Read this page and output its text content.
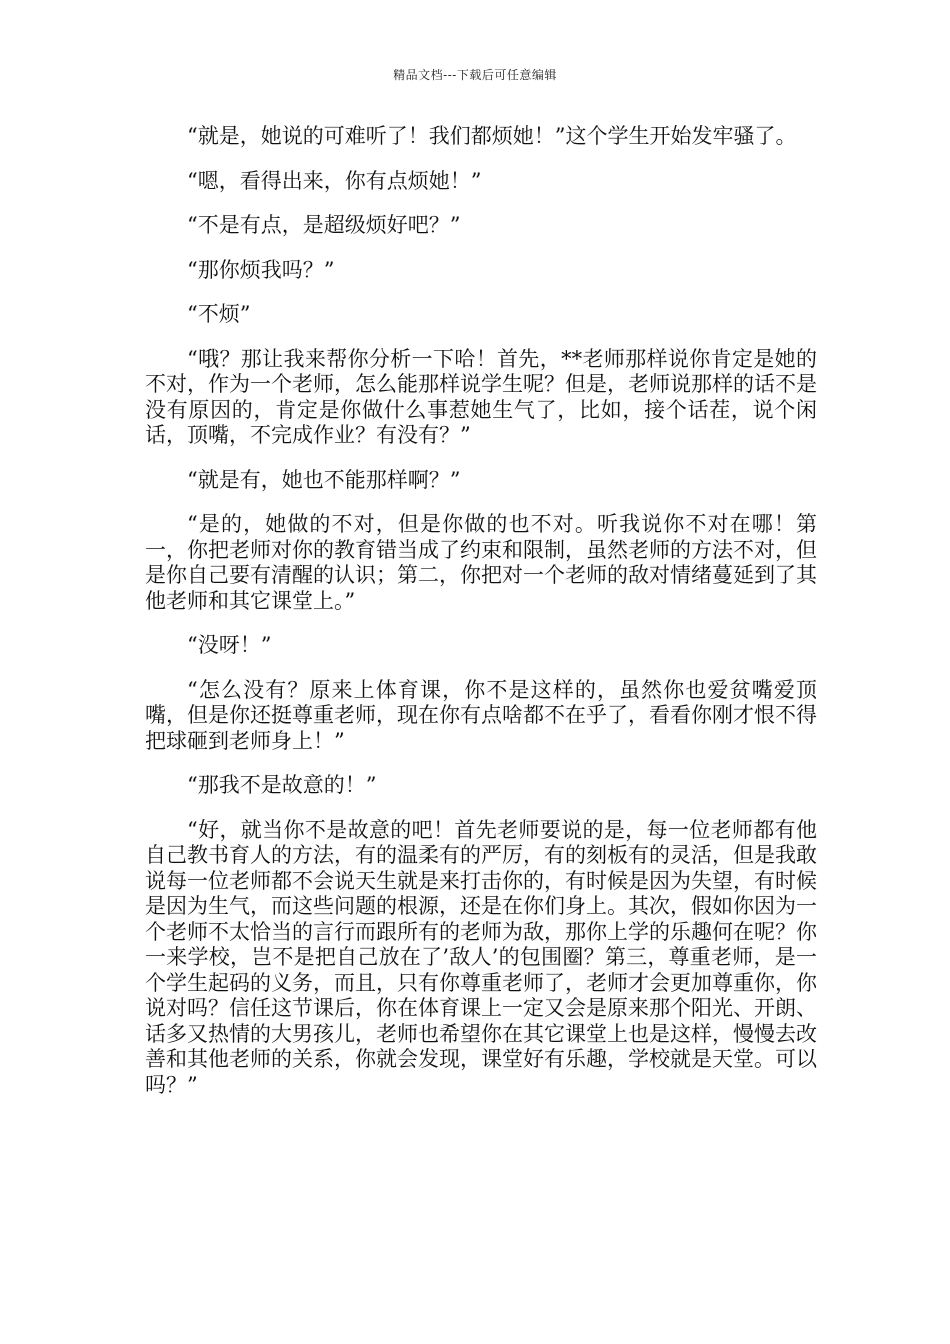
精品文档---下载后可任意编辑

“就是，她说的可难听了！我们都烦她！”这个学生开始发牢骚了。

“嗯，看得出来，你有点烦她！”

“不是有点，是超级烦好吧？”

“那你烦我吗？”

“不烦”

“哦？那让我来帮你分析一下哈！首先，**老师那样说你肯定是她的不对，作为一个老师，怎么能那样说学生呢？但是，老师说那样的话不是没有原因的，肯定是你做什么事惹她生气了，比如，接个话茬，说个闲话，顶嘴，不完成作业？有没有？”

“就是有，她也不能那样啊？”

“是的，她做的不对，但是你做的也不对。听我说你不对在哪！第一，你把老师对你的教育错当成了约束和限制，虽然老师的方法不对，但是你自己要有清醒的认识；第二，你把对一个老师的敌对情绪蔓延到了其他老师和其它课堂上。”

“没呀！”

“怎么没有？原来上体育课，你不是这样的，虽然你也爱贫嘴爱顶嘴，但是你还挺尊重老师，现在你有点啥都不在乎了，看看你刚才恨不得把球砸到老师身上！”

“那我不是故意的！”

“好，就当你不是故意的吧！首先老师要说的是，每一位老师都有他自己教书育人的方法，有的温柔有的严厉，有的刻板有的灵活，但是我敢说每一位老师都不会说天生就是来打击你的，有时候是因为失望，有时候是因为生气，而这些问题的根源，还是在你们身上。其次，假如你因为一个老师不太恰当的言行而跟所有的老师为敌，那你上学的乐趣何在呢？你一来学校，岂不是把自己放在了’敌人’的包围圈？第三，尊重老师，是一个学生起码的义务，而且，只有你尊重老师了，老师才会更加尊重你，你说对吗？信任这节课后，你在体育课上一定又会是原来那个阳光、开朗、话多又热情的大男孩儿，老师也希望你在其它课堂上也是这样，慢慢去改善和其他老师的关系，你就会发现，课堂好有乐趣，学校就是天堂。可以吗？”
